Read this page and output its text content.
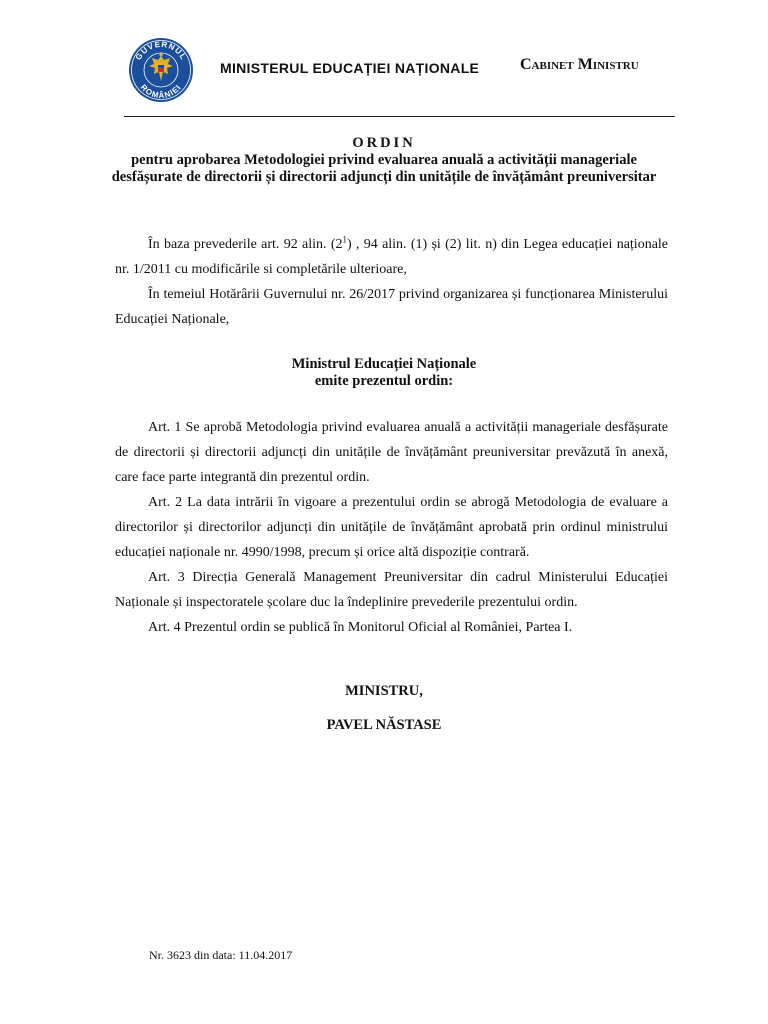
GUVERNUL
ROMÂNIEI
MINISTERUL EDUCAȚIEI NAȚIONALE	Cabinet Ministru
ORDIN
pentru aprobarea Metodologiei privind evaluarea anuală a activității manageriale
desfășurate de directorii și directorii adjuncți din unitățile de învățământ preuniversitar

În baza prevederile art. 92 alin. $(2^1)$ , 94 alin. (1) și (2) lit. n) din Legea educației naționale nr. 1/2011 cu modificările si completările ulterioare,

În temeiul Hotărârii Guvernului nr. 26/2017 privind organizarea și funcționarea Ministerului Educației Naționale,

Ministrul Educației Naționale
emite prezentul ordin:

Art. 1 Se aprobă Metodologia privind evaluarea anuală a activității manageriale desfășurate de directorii și directorii adjuncți din unitățile de învățământ preuniversitar prevăzută în anexă, care face parte integrantă din prezentul ordin.

Art. 2 La data intrării în vigoare a prezentului ordin se abrogă Metodologia de evaluare a directorilor și directorilor adjuncți din unitățile de învățământ aprobată prin ordinul ministrului educației naționale nr. 4990/1998, precum și orice altă dispoziție contrară.

Art. 3 Direcția Generală Management Preuniversitar din cadrul Ministerului Educației Naționale și inspectoratele școlare duc la îndeplinire prevederile prezentului ordin.

Art. 4 Prezentul ordin se publică în Monitorul Oficial al României, Partea I.

MINISTRU,
PAVEL NĂSTASE
Nr. 3623 din data: 11.04.2017
